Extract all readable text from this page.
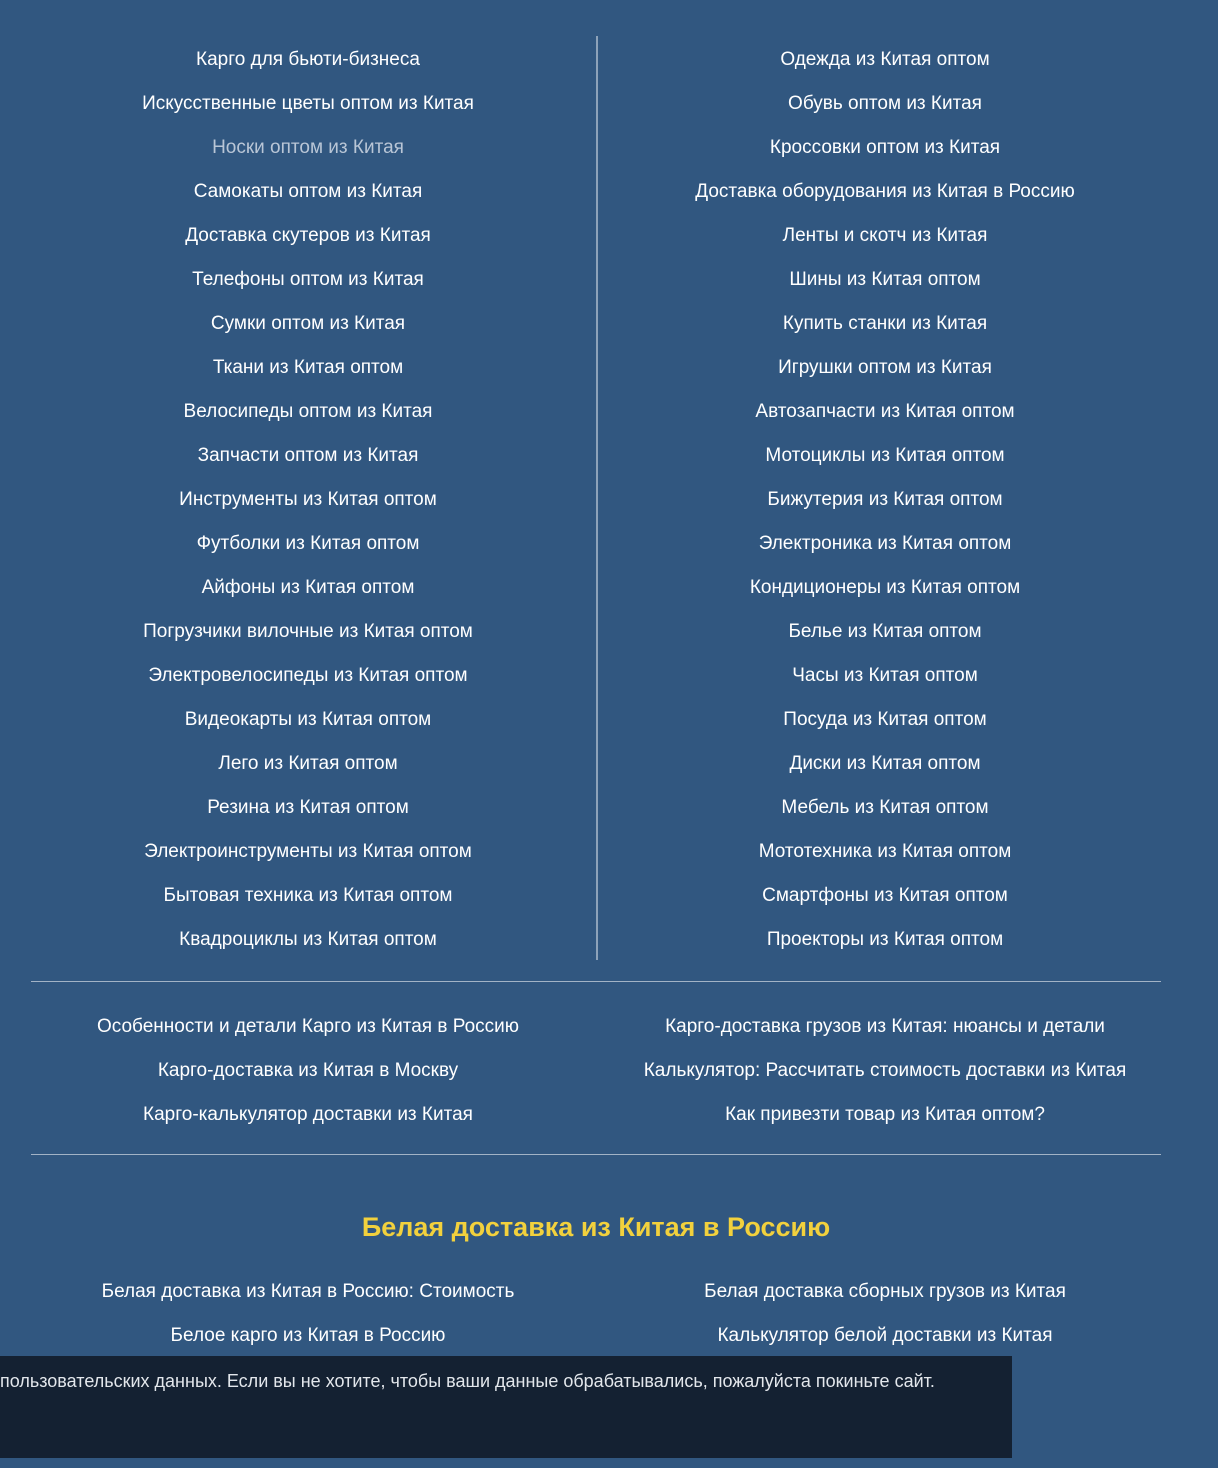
Карго для бьюти-бизнеса
Искусственные цветы оптом из Китая
Носки оптом из Китая
Самокаты оптом из Китая
Доставка скутеров из Китая
Телефоны оптом из Китая
Сумки оптом из Китая
Ткани из Китая оптом
Велосипеды оптом из Китая
Запчасти оптом из Китая
Инструменты из Китая оптом
Футболки из Китая оптом
Айфоны из Китая оптом
Погрузчики вилочные из Китая оптом
Электровелосипеды из Китая оптом
Видеокарты из Китая оптом
Лего из Китая оптом
Резина из Китая оптом
Электроинструменты из Китая оптом
Бытовая техника из Китая оптом
Квадроциклы из Китая оптом
Одежда из Китая оптом
Обувь оптом из Китая
Кроссовки оптом из Китая
Доставка оборудования из Китая в Россию
Ленты и скотч из Китая
Шины из Китая оптом
Купить станки из Китая
Игрушки оптом из Китая
Автозапчасти из Китая оптом
Мотоциклы из Китая оптом
Бижутерия из Китая оптом
Электроника из Китая оптом
Кондиционеры из Китая оптом
Белье из Китая оптом
Часы из Китая оптом
Посуда из Китая оптом
Диски из Китая оптом
Мебель из Китая оптом
Мототехника из Китая оптом
Смартфоны из Китая оптом
Проекторы из Китая оптом
Особенности и детали Карго из Китая в Россию
Карго-доставка из Китая в Москву
Карго-калькулятор доставки из Китая
Карго-доставка грузов из Китая: нюансы и детали
Калькулятор: Рассчитать стоимость доставки из Китая
Как привезти товар из Китая оптом?
Белая доставка из Китая в Россию
Белая доставка из Китая в Россию: Стоимость
Белое карго из Китая в Россию
Белая доставка сборных грузов из Китая
Калькулятор белой доставки из Китая
пользовательских данных. Если вы не хотите, чтобы ваши данные обрабатывались, пожалуйста покиньте сайт.
